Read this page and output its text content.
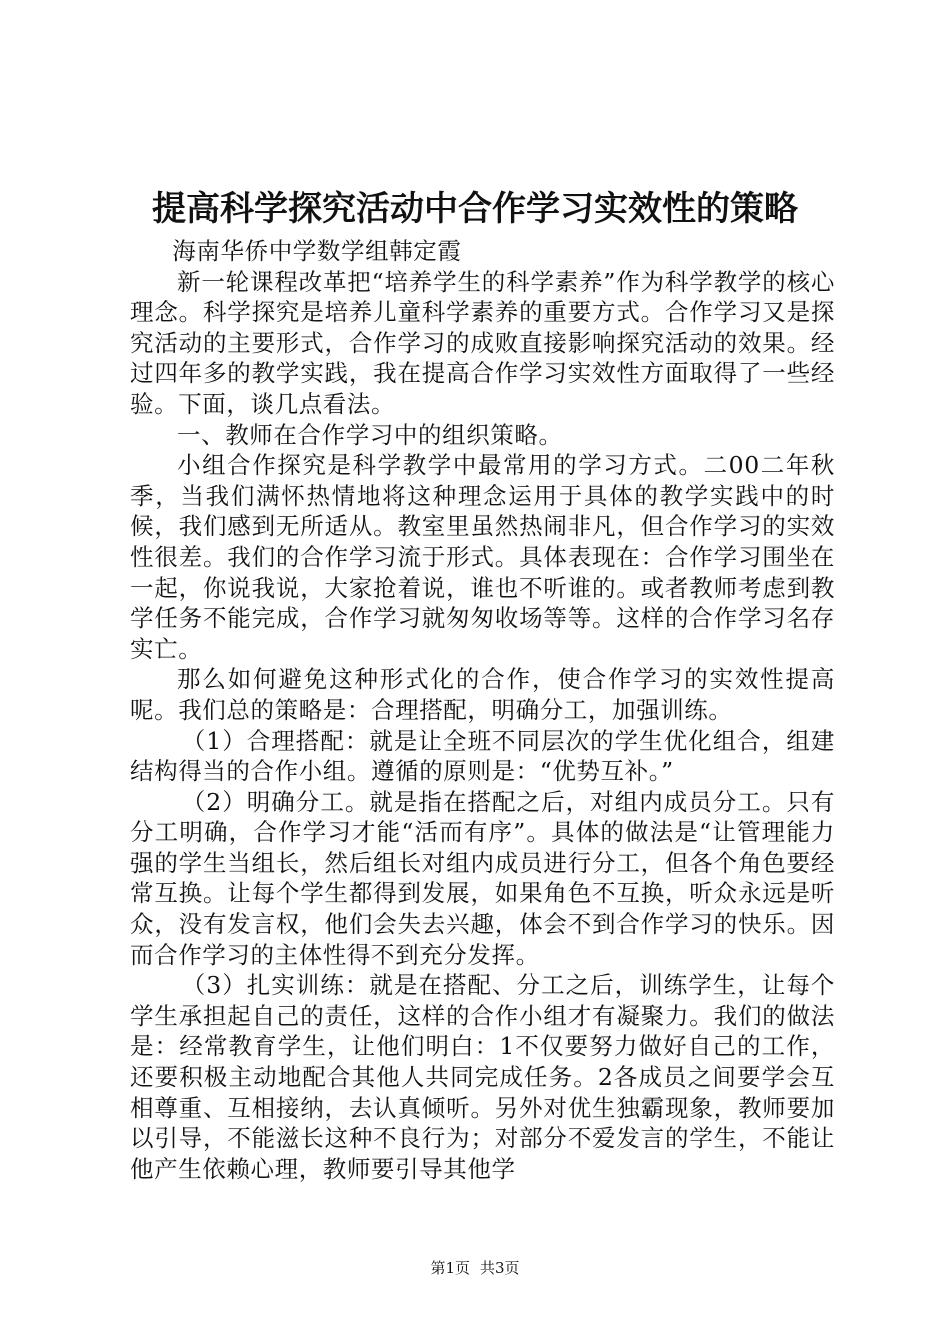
提高科学探究活动中合作学习实效性的策略

海南华侨中学数学组韩定霞

新一轮课程改革把“培养学生的科学素养”作为科学教学的核心理念。科学探究是培养儿童科学素养的重要方式。合作学习又是探究活动的主要形式，合作学习的成败直接影响探究活动的效果。经过四年多的教学实践，我在提高合作学习实效性方面取得了一些经验。下面，谈几点看法。

一、教师在合作学习中的组织策略。

小组合作探究是科学教学中最常用的学习方式。二00二年秋季，当我们满怀热情地将这种理念运用于具体的教学实践中的时候，我们感到无所适从。教室里虽然热闹非凡，但合作学习的实效性很差。我们的合作学习流于形式。具体表现在：合作学习围坐在一起，你说我说，大家抢着说，谁也不听谁的。或者教师考虑到教学任务不能完成，合作学习就匆匆收场等等。这样的合作学习名存实亡。

那么如何避免这种形式化的合作，使合作学习的实效性提高呢。我们总的策略是：合理搭配，明确分工，加强训练。

（1）合理搭配：就是让全班不同层次的学生优化组合，组建结构得当的合作小组。遵循的原则是：“优势互补。”

（2）明确分工。就是指在搭配之后，对组内成员分工。只有分工明确，合作学习才能“活而有序”。具体的做法是“让管理能力强的学生当组长，然后组长对组内成员进行分工，但各个角色要经常互换。让每个学生都得到发展，如果角色不互换，听众永远是听众，没有发言权，他们会失去兴趣，体会不到合作学习的快乐。因而合作学习的主体性得不到充分发挥。

（3）扎实训练：就是在搭配、分工之后，训练学生，让每个学生承担起自己的责任，这样的合作小组才有凝聚力。我们的做法是：经常教育学生，让他们明白：1不仅要努力做好自己的工作，还要积极主动地配合其他人共同完成任务。2各成员之间要学会互相尊重、互相接纳，去认真倾听。另外对优生独霸现象，教师要加以引导，不能滋长这种不良行为；对部分不爱发言的学生，不能让他产生依赖心理，教师要引导其他学

第1页 共3页
